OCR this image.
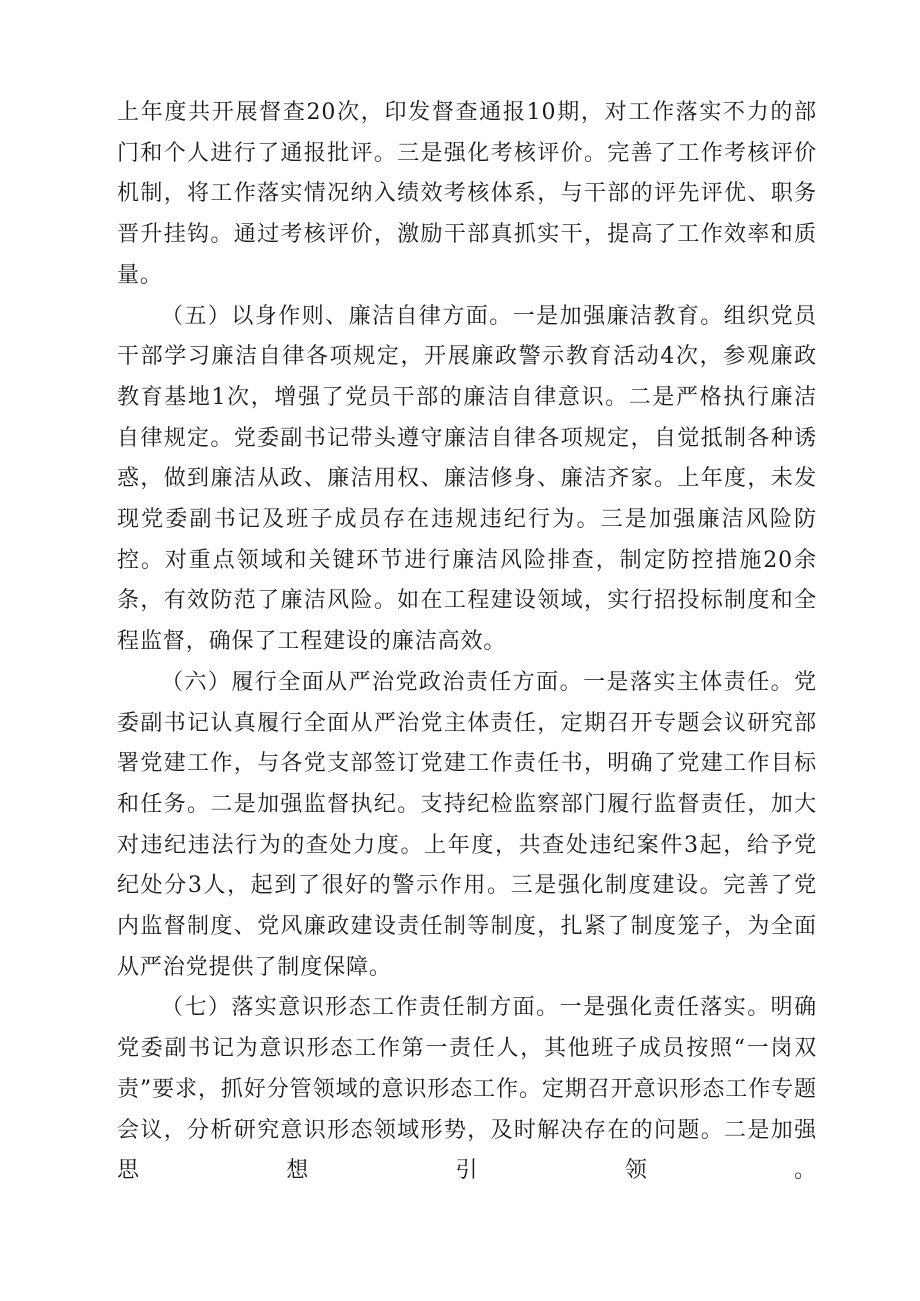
上年度共开展督查20次，印发督查通报10期，对工作落实不力的部门和个人进行了通报批评。三是强化考核评价。完善了工作考核评价机制，将工作落实情况纳入绩效考核体系，与干部的评先评优、职务晋升挂钩。通过考核评价，激励干部真抓实干，提高了工作效率和质量。

（五）以身作则、廉洁自律方面。一是加强廉洁教育。组织党员干部学习廉洁自律各项规定，开展廉政警示教育活动4次，参观廉政教育基地1次，增强了党员干部的廉洁自律意识。二是严格执行廉洁自律规定。党委副书记带头遵守廉洁自律各项规定，自觉抵制各种诱惑，做到廉洁从政、廉洁用权、廉洁修身、廉洁齐家。上年度，未发现党委副书记及班子成员存在违规违纪行为。三是加强廉洁风险防控。对重点领域和关键环节进行廉洁风险排查，制定防控措施20余条，有效防范了廉洁风险。如在工程建设领域，实行招投标制度和全程监督，确保了工程建设的廉洁高效。

（六）履行全面从严治党政治责任方面。一是落实主体责任。党委副书记认真履行全面从严治党主体责任，定期召开专题会议研究部署党建工作，与各党支部签订党建工作责任书，明确了党建工作目标和任务。二是加强监督执纪。支持纪检监察部门履行监督责任，加大对违纪违法行为的查处力度。上年度，共查处违纪案件3起，给予党纪处分3人，起到了很好的警示作用。三是强化制度建设。完善了党内监督制度、党风廉政建设责任制等制度，扎紧了制度笼子，为全面从严治党提供了制度保障。

（七）落实意识形态工作责任制方面。一是强化责任落实。明确党委副书记为意识形态工作第一责任人，其他班子成员按照“一岗双责”要求，抓好分管领域的意识形态工作。定期召开意识形态工作专题会议，分析研究意识形态领域形势，及时解决存在的问题。二是加强思想引领。
